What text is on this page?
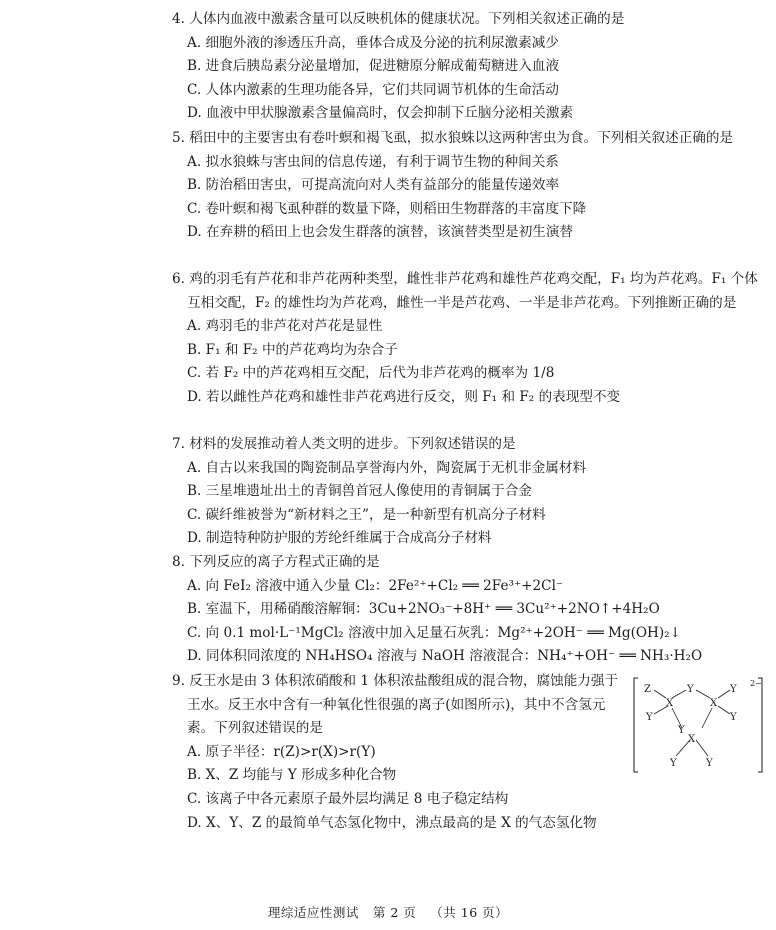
4. 人体内血液中激素含量可以反映机体的健康状况。下列相关叙述正确的是

A. 细胞外液的渗透压升高，垂体合成及分泌的抗利尿激素减少

B. 进食后胰岛素分泌量增加，促进糖原分解成葡萄糖进入血液

C. 人体内激素的生理功能各异，它们共同调节机体的生命活动

D. 血液中甲状腺激素含量偏高时，仅会抑制下丘脑分泌相关激素

5. 稻田中的主要害虫有卷叶螟和褐飞虱，拟水狼蛛以这两种害虫为食。下列相关叙述正确的是

A. 拟水狼蛛与害虫间的信息传递，有利于调节生物的种间关系

B. 防治稻田害虫，可提高流向对人类有益部分的能量传递效率

C. 卷叶螟和褐飞虱种群的数量下降，则稻田生物群落的丰富度下降

D. 在弃耕的稻田上也会发生群落的演替，该演替类型是初生演替

6. 鸡的羽毛有芦花和非芦花两种类型，雌性非芦花鸡和雄性芦花鸡交配，F₁ 均为芦花鸡。F₁ 个体互相交配，F₂ 的雄性均为芦花鸡，雌性一半是芦花鸡、一半是非芦花鸡。下列推断正确的是

A. 鸡羽毛的非芦花对芦花是显性

B. F₁ 和 F₂ 中的芦花鸡均为杂合子

C. 若 F₂ 中的芦花鸡相互交配，后代为非芦花鸡的概率为 1/8

D. 若以雌性芦花鸡和雄性非芦花鸡进行反交，则 F₁ 和 F₂ 的表现型不变

7. 材料的发展推动着人类文明的进步。下列叙述错误的是

A. 自古以来我国的陶瓷制品享誉海内外，陶瓷属于无机非金属材料

B. 三星堆遗址出土的青铜兽首冠人像使用的青铜属于合金

C. 碳纤维被誉为“新材料之王”，是一种新型有机高分子材料

D. 制造特种防护服的芳纶纤维属于合成高分子材料

8. 下列反应的离子方程式正确的是

A. 向 FeI₂ 溶液中通入少量 Cl₂：2Fe²⁺+Cl₂ ══ 2Fe³⁺+2Cl⁻

B. 室温下，用稀硝酸溶解铜：3Cu+2NO₃⁻+8H⁺ ══ 3Cu²⁺+2NO↑+4H₂O

C. 向 0.1 mol·L⁻¹MgCl₂ 溶液中加入足量石灰乳：Mg²⁺+2OH⁻ ══ Mg(OH)₂↓

D. 同体积同浓度的 NH₄HSO₄ 溶液与 NaOH 溶液混合：NH₄⁺+OH⁻ ══ NH₃·H₂O

9. 反王水是由 3 体积浓硝酸和 1 体积浓盐酸组成的混合物，腐蚀能力强于王水。反王水中含有一种氧化性很强的离子(如图所示)，其中不含氢元素。下列叙述错误的是

A. 原子半径：r(Z)>r(X)>r(Y)

B. X、Z 均能与 Y 形成多种化合物

C. 该离子中各元素原子最外层均满足 8 电子稳定结构

D. X、Y、Z 的最简单气态氢化物中，沸点最高的是 X 的气态氢化物

Z	Y
X
Y
X
Y
Y
Y
X
Y	Y
2−
理综适应性测试 第 2 页 （共 16 页）
